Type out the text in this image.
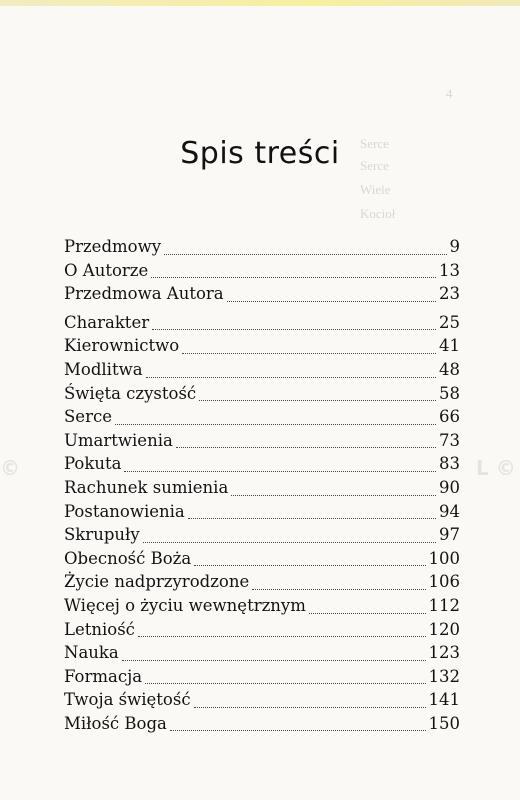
4
Serce
Serce
Wiele
Kocioł
©	L ©
Spis treści
Przedmowy	9
O Autorze	13
Przedmowa Autora	23
Charakter	25
Kierownictwo	41
Modlitwa	48
Święta czystość	58
Serce	66
Umartwienia	73
Pokuta	83
Rachunek sumienia	90
Postanowienia	94
Skrupuły	97
Obecność Boża	100
Życie nadprzyrodzone	106
Więcej o życiu wewnętrznym	112
Letniość	120
Nauka	123
Formacja	132
Twoja świętość	141
Miłość Boga	150
